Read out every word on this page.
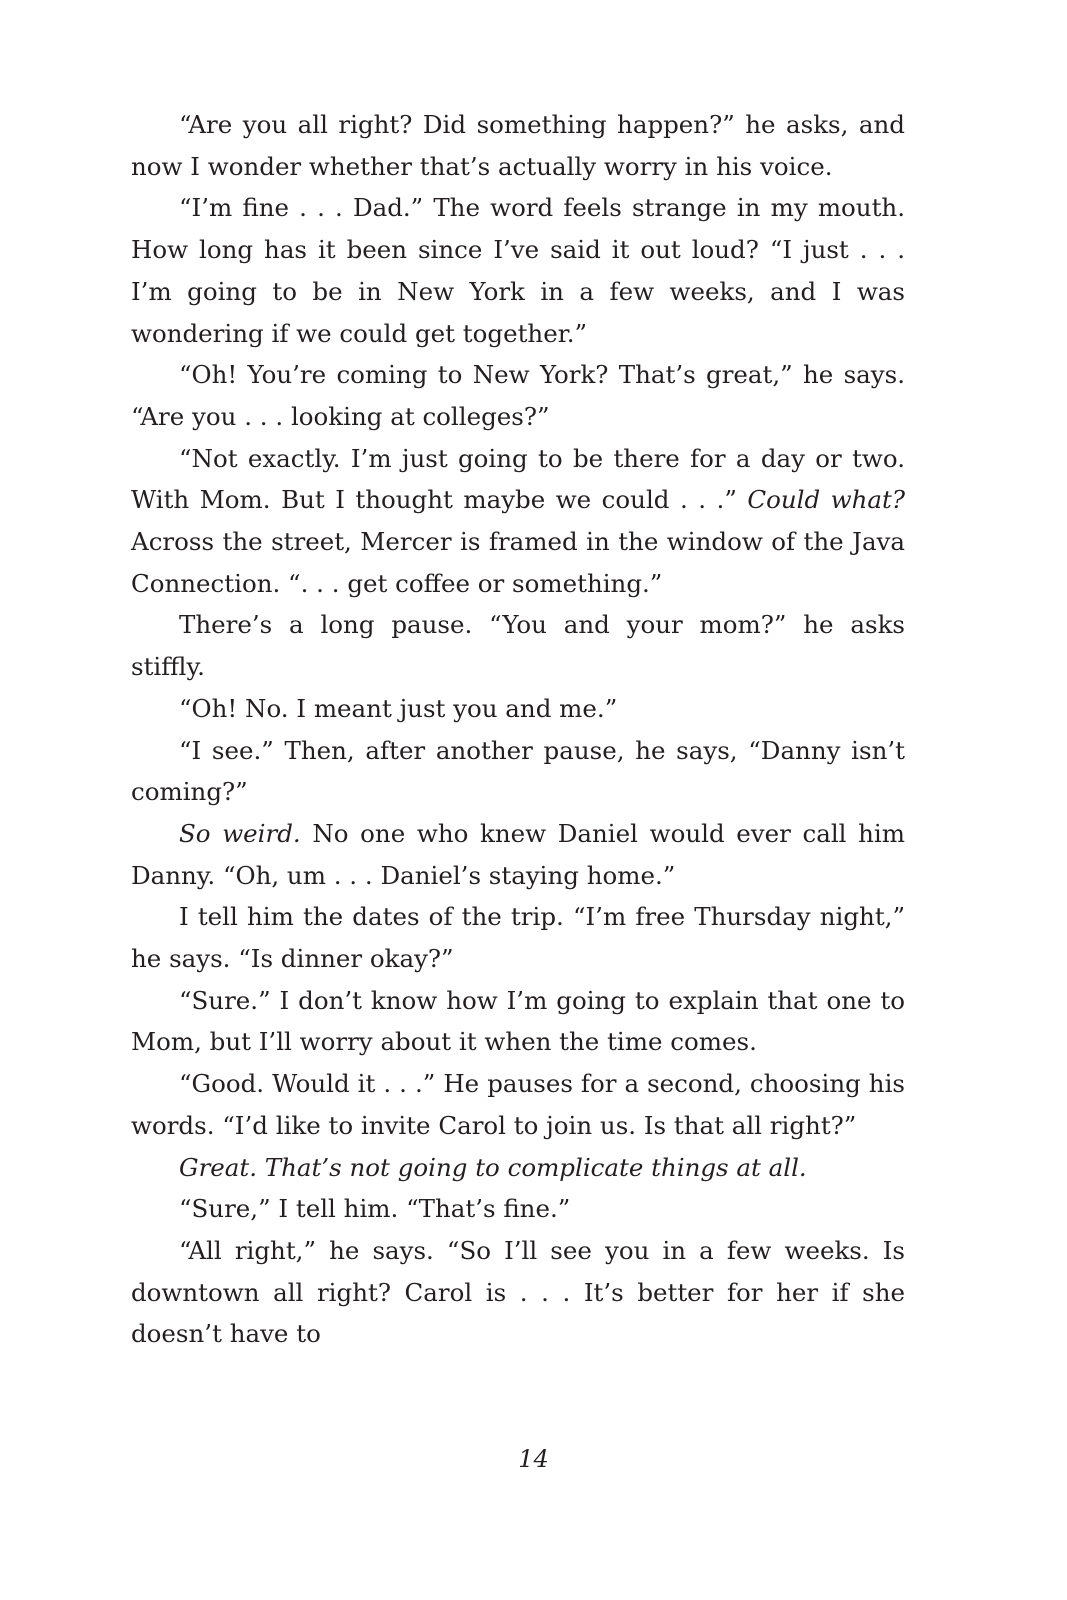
“Are you all right? Did something happen?” he asks, and now I wonder whether that’s actually worry in his voice.

“I’m fine . . . Dad.” The word feels strange in my mouth. How long has it been since I’ve said it out loud? “I just . . . I’m going to be in New York in a few weeks, and I was wondering if we could get together.”

“Oh! You’re coming to New York? That’s great,” he says. “Are you . . . looking at colleges?”

“Not exactly. I’m just going to be there for a day or two. With Mom. But I thought maybe we could . . .” Could what? Across the street, Mercer is framed in the window of the Java Connection. “. . . get coffee or something.”

There’s a long pause. “You and your mom?” he asks stiffly.

“Oh! No. I meant just you and me.”

“I see.” Then, after another pause, he says, “Danny isn’t coming?”

So weird. No one who knew Daniel would ever call him Danny. “Oh, um . . . Daniel’s staying home.”

I tell him the dates of the trip. “I’m free Thursday night,” he says. “Is dinner okay?”

“Sure.” I don’t know how I’m going to explain that one to Mom, but I’ll worry about it when the time comes.

“Good. Would it . . .” He pauses for a second, choosing his words. “I’d like to invite Carol to join us. Is that all right?”

Great. That’s not going to complicate things at all.

“Sure,” I tell him. “That’s fine.”

“All right,” he says. “So I’ll see you in a few weeks. Is downtown all right? Carol is . . . It’s better for her if she doesn’t have to

14
